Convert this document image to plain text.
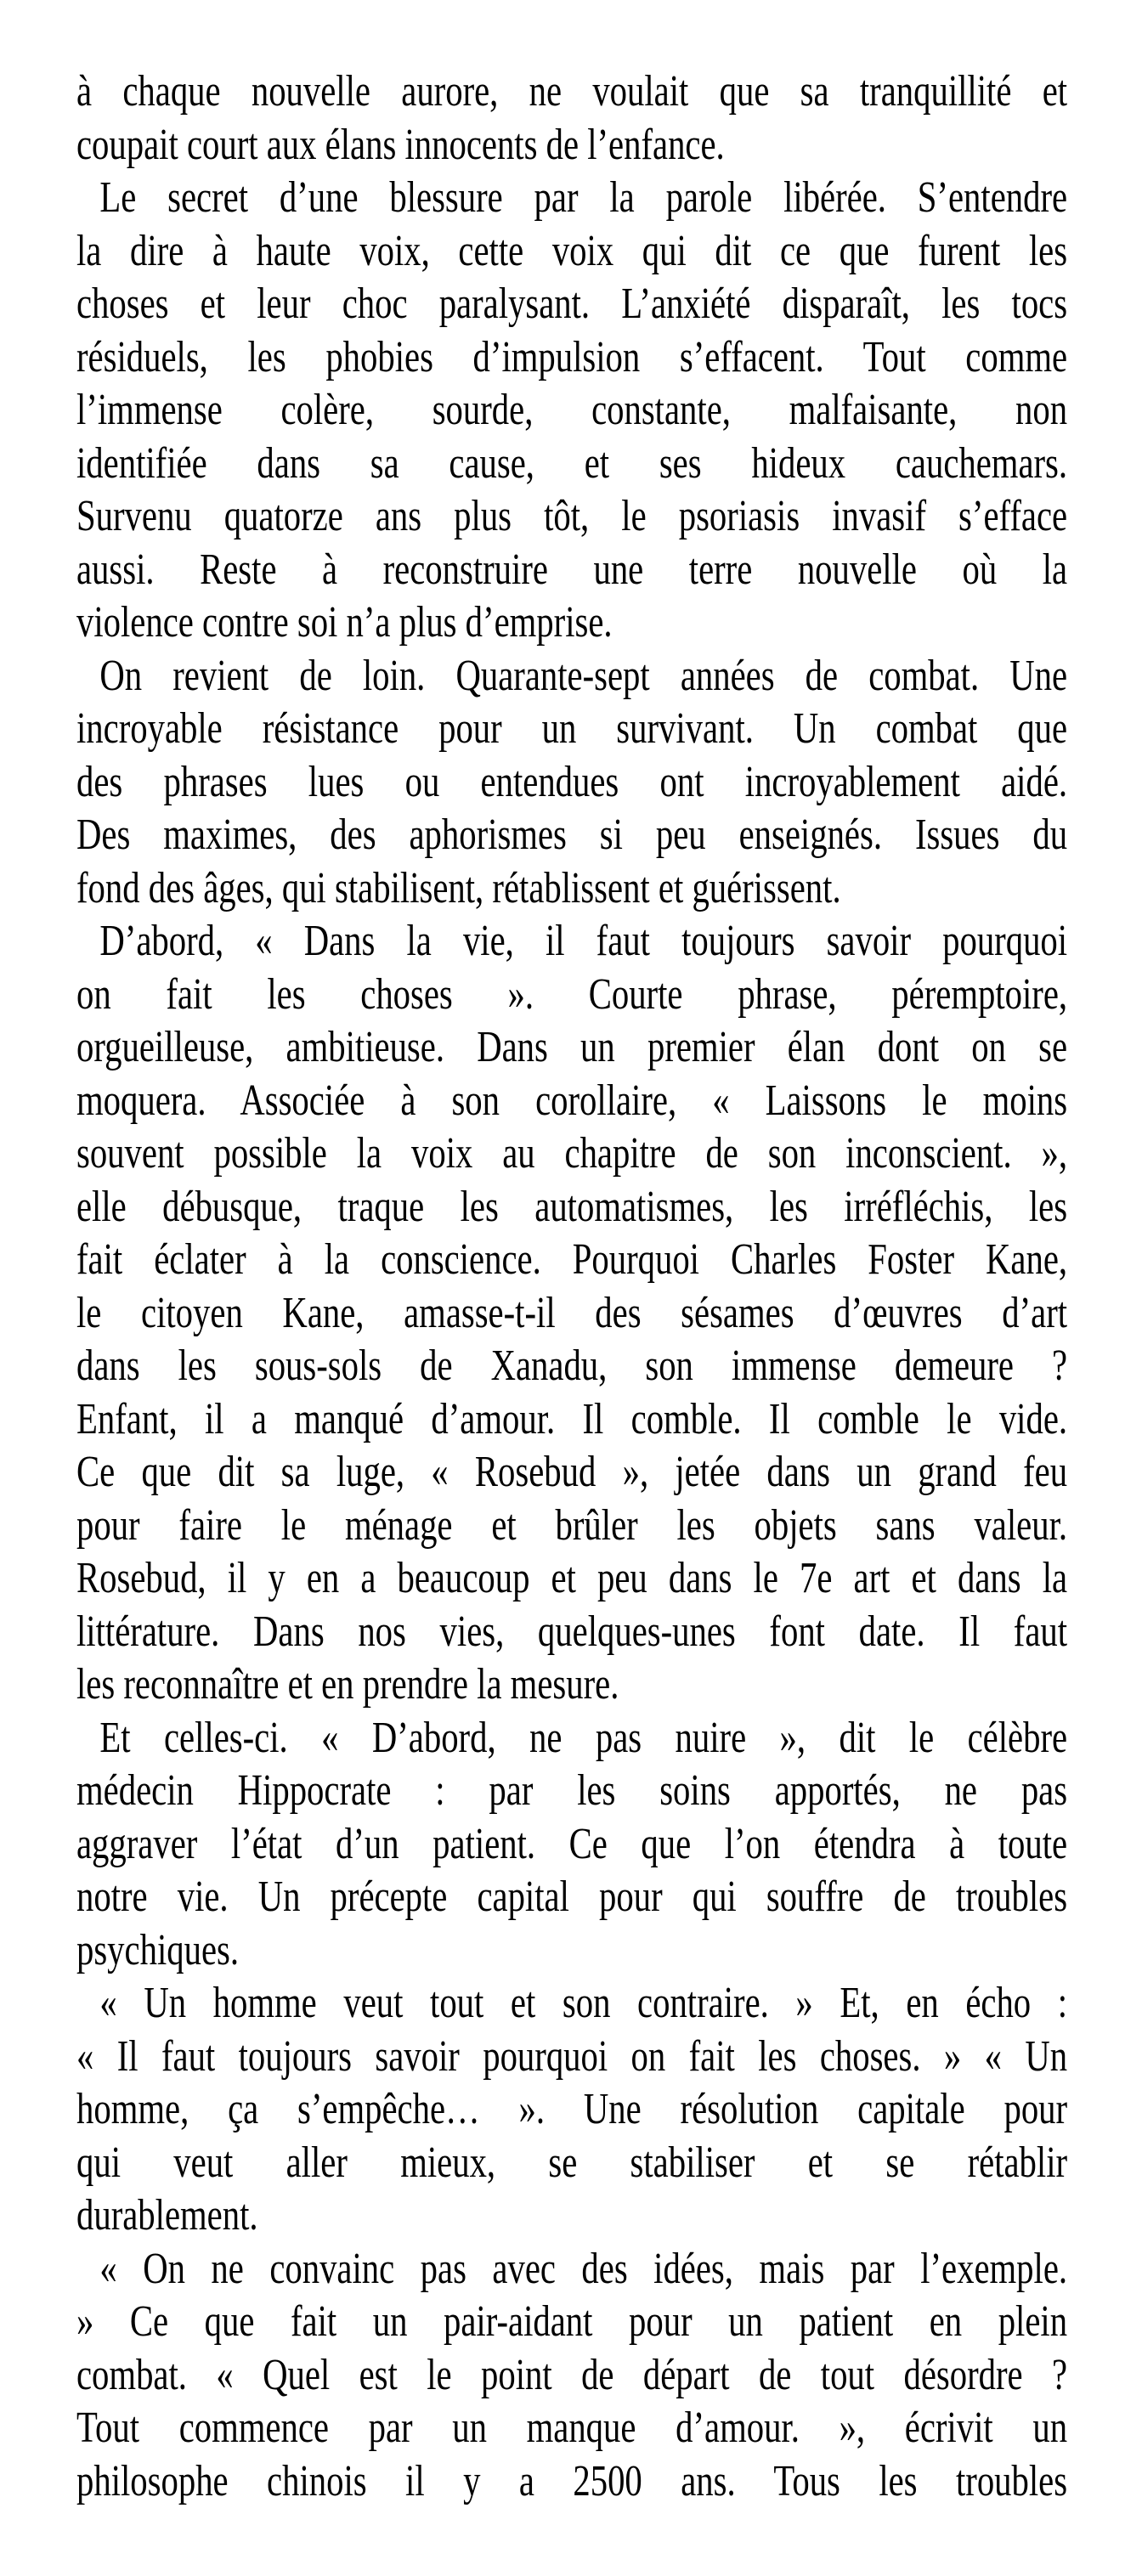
à chaque nouvelle aurore, ne voulait que sa tranquillité et
coupait court aux élans innocents de l’enfance.
Le secret d’une blessure par la parole libérée. S’entendre
la dire à haute voix, cette voix qui dit ce que furent les
choses et leur choc paralysant. L’anxiété disparaît, les tocs
résiduels, les phobies d’impulsion s’effacent. Tout comme
l’immense colère, sourde, constante, malfaisante, non
identifiée dans sa cause, et ses hideux cauchemars.
Survenu quatorze ans plus tôt, le psoriasis invasif s’efface
aussi. Reste à reconstruire une terre nouvelle où la
violence contre soi n’a plus d’emprise.
On revient de loin. Quarante-sept années de combat. Une
incroyable résistance pour un survivant. Un combat que
des phrases lues ou entendues ont incroyablement aidé.
Des maximes, des aphorismes si peu enseignés. Issues du
fond des âges, qui stabilisent, rétablissent et guérissent.
D’abord, « Dans la vie, il faut toujours savoir pourquoi
on fait les choses ». Courte phrase, péremptoire,
orgueilleuse, ambitieuse. Dans un premier élan dont on se
moquera. Associée à son corollaire, « Laissons le moins
souvent possible la voix au chapitre de son inconscient. »,
elle débusque, traque les automatismes, les irréfléchis, les
fait éclater à la conscience. Pourquoi Charles Foster Kane,
le citoyen Kane, amasse-t-il des sésames d’œuvres d’art
dans les sous-sols de Xanadu, son immense demeure ?
Enfant, il a manqué d’amour. Il comble. Il comble le vide.
Ce que dit sa luge, « Rosebud », jetée dans un grand feu
pour faire le ménage et brûler les objets sans valeur.
Rosebud, il y en a beaucoup et peu dans le 7e art et dans la
littérature. Dans nos vies, quelques-unes font date. Il faut
les reconnaître et en prendre la mesure.
Et celles-ci. « D’abord, ne pas nuire », dit le célèbre
médecin Hippocrate : par les soins apportés, ne pas
aggraver l’état d’un patient. Ce que l’on étendra à toute
notre vie. Un précepte capital pour qui souffre de troubles
psychiques.
« Un homme veut tout et son contraire. » Et, en écho :
« Il faut toujours savoir pourquoi on fait les choses. » « Un
homme, ça s’empêche… ». Une résolution capitale pour
qui veut aller mieux, se stabiliser et se rétablir
durablement.
« On ne convainc pas avec des idées, mais par l’exemple.
» Ce que fait un pair-aidant pour un patient en plein
combat. « Quel est le point de départ de tout désordre ?
Tout commence par un manque d’amour. », écrivit un
philosophe chinois il y a 2500 ans. Tous les troubles
